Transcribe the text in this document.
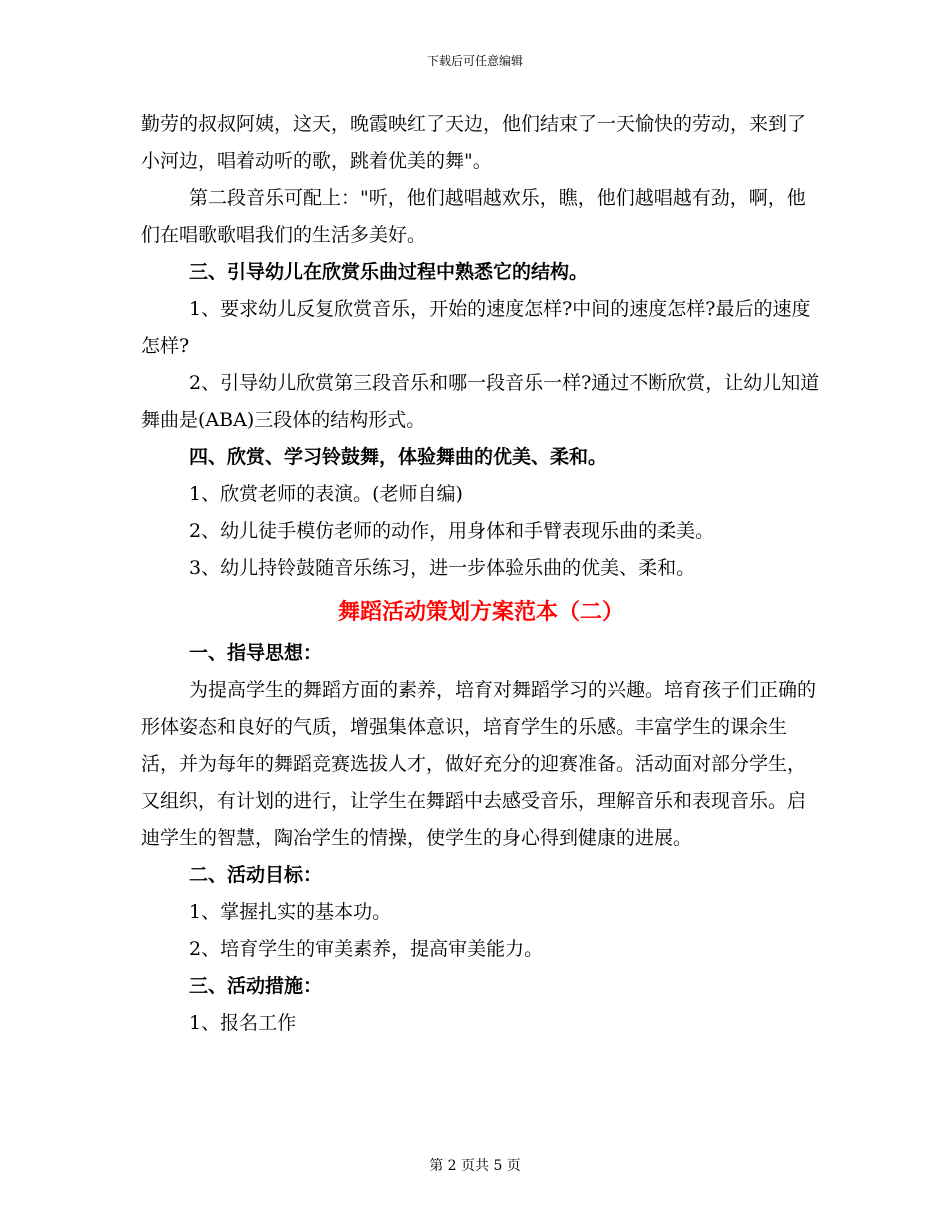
下载后可任意编辑

勤劳的叔叔阿姨，这天，晚霞映红了天边，他们结束了一天愉快的劳动，来到了小河边，唱着动听的歌，跳着优美的舞"。

第二段音乐可配上："听，他们越唱越欢乐，瞧，他们越唱越有劲，啊，他们在唱歌歌唱我们的生活多美好。

三、引导幼儿在欣赏乐曲过程中熟悉它的结构。

1、要求幼儿反复欣赏音乐，开始的速度怎样?中间的速度怎样?最后的速度怎样?

2、引导幼儿欣赏第三段音乐和哪一段音乐一样?通过不断欣赏，让幼儿知道舞曲是(ABA)三段体的结构形式。

四、欣赏、学习铃鼓舞，体验舞曲的优美、柔和。

1、欣赏老师的表演。(老师自编)

2、幼儿徒手模仿老师的动作，用身体和手臂表现乐曲的柔美。

3、幼儿持铃鼓随音乐练习，进一步体验乐曲的优美、柔和。

舞蹈活动策划方案范本（二）

一、指导思想：

为提高学生的舞蹈方面的素养，培育对舞蹈学习的兴趣。培育孩子们正确的形体姿态和良好的气质，增强集体意识，培育学生的乐感。丰富学生的课余生活，并为每年的舞蹈竞赛选拔人才，做好充分的迎赛准备。活动面对部分学生，又组织，有计划的进行，让学生在舞蹈中去感受音乐，理解音乐和表现音乐。启迪学生的智慧，陶冶学生的情操，使学生的身心得到健康的进展。

二、活动目标：

1、掌握扎实的基本功。

2、培育学生的审美素养，提高审美能力。

三、活动措施：

1、报名工作

第 2 页共 5 页
